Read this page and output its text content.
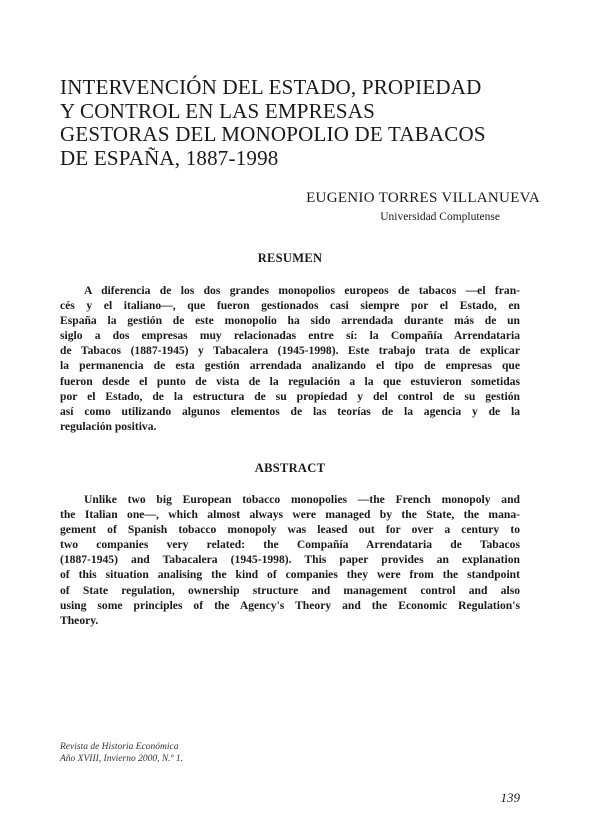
INTERVENCIÓN DEL ESTADO, PROPIEDAD
Y CONTROL EN LAS EMPRESAS
GESTORAS DEL MONOPOLIO DE TABACOS
DE ESPAÑA, 1887-1998
EUGENIO TORRES VILLANUEVA
Universidad Complutense
RESUMEN
A diferencia de los dos grandes monopolios europeos de tabacos —el fran-
cés y el italiano—, que fueron gestionados casi siempre por el Estado, en
España la gestión de este monopolio ha sido arrendada durante más de un
siglo a dos empresas muy relacionadas entre sí: la Compañía Arrendataria
de Tabacos (1887-1945) y Tabacalera (1945-1998). Este trabajo trata de explicar
la permanencia de esta gestión arrendada analizando el tipo de empresas que
fueron desde el punto de vista de la regulación a la que estuvieron sometidas
por el Estado, de la estructura de su propiedad y del control de su gestión
así como utilizando algunos elementos de las teorías de la agencia y de la
regulación positiva.
ABSTRACT
Unlike two big European tobacco monopolies —the French monopoly and
the Italian one—, which almost always were managed by the State, the mana-
gement of Spanish tobacco monopoly was leased out for over a century to
two companies very related: the Compañía Arrendataria de Tabacos
(1887-1945) and Tabacalera (1945-1998). This paper provides an explanation
of this situation analising the kind of companies they were from the standpoint
of State regulation, ownership structure and management control and also
using some principles of the Agency's Theory and the Economic Regulation's
Theory.
Revista de Historia Económica
Año XVIII, Invierno 2000, N.º 1.
139
